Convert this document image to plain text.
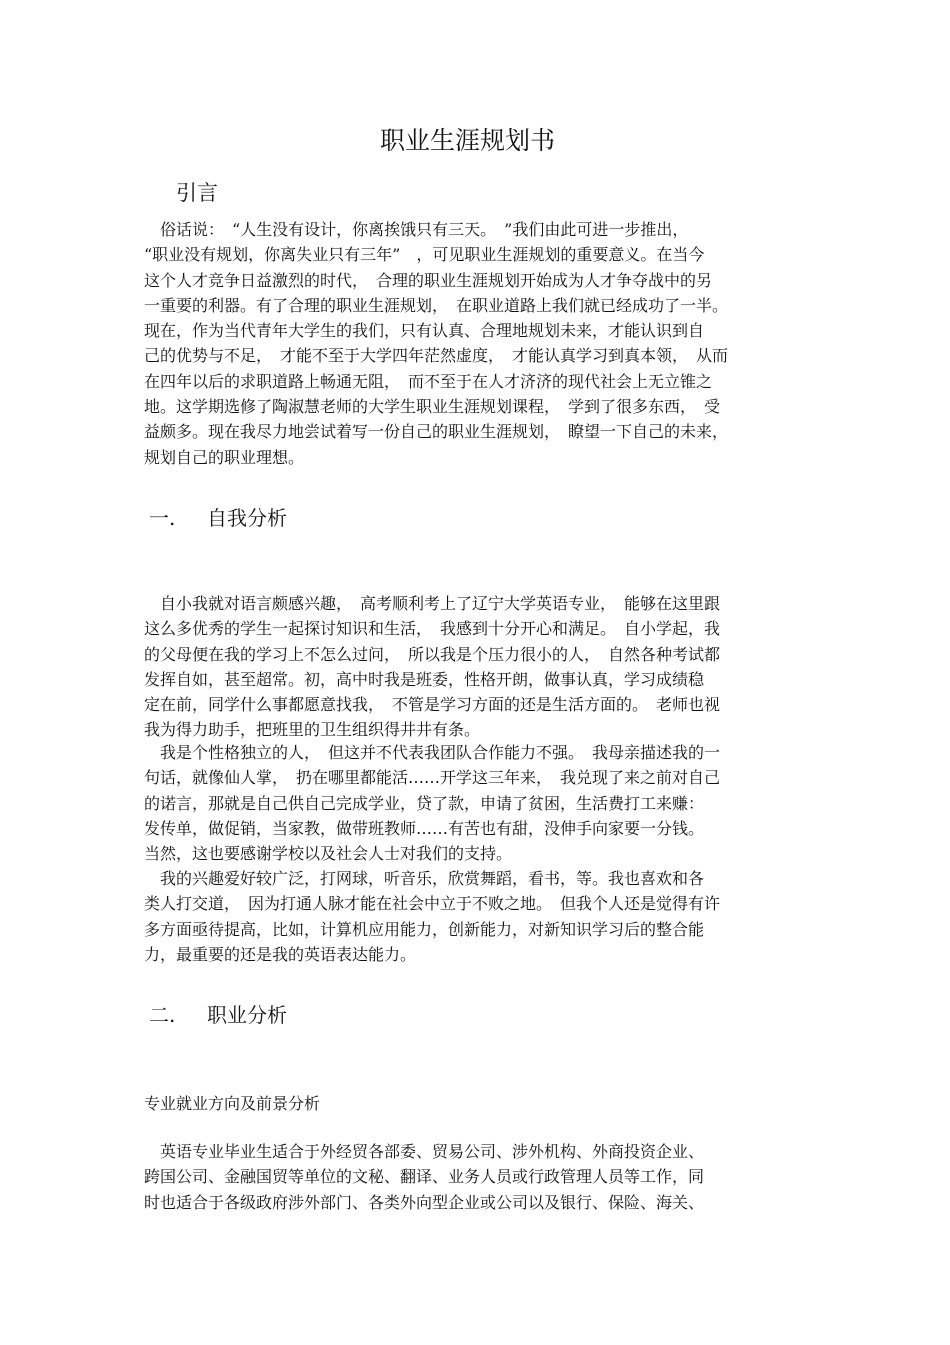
职业生涯规划书
引言

　俗话说：　“人生没有设计，你离挨饿只有三天。　”我们由此可进一步推出，
“职业没有规划，你离失业只有三年”　，可见职业生涯规划的重要意义。在当今
这个人才竞争日益激烈的时代，　合理的职业生涯规划开始成为人才争夺战中的另
一重要的利器。有了合理的职业生涯规划，　在职业道路上我们就已经成功了一半。
现在，作为当代青年大学生的我们，只有认真、合理地规划未来，才能认识到自
己的优势与不足，　才能不至于大学四年茫然虚度，　才能认真学习到真本领，　从而
在四年以后的求职道路上畅通无阻，　而不至于在人才济济的现代社会上无立锥之
地。这学期选修了陶淑慧老师的大学生职业生涯规划课程，　学到了很多东西，　受
益颇多。现在我尽力地尝试着写一份自己的职业生涯规划，　瞭望一下自己的未来，
规划自己的职业理想。

一. 自我分析

　自小我就对语言颇感兴趣，　高考顺利考上了辽宁大学英语专业，　能够在这里跟
这么多优秀的学生一起探讨知识和生活，　我感到十分开心和满足。　自小学起，我
的父母便在我的学习上不怎么过问，　所以我是个压力很小的人，　自然各种考试都
发挥自如，甚至超常。初，高中时我是班委，性格开朗，做事认真，学习成绩稳
定在前，同学什么事都愿意找我，　不管是学习方面的还是生活方面的。　老师也视
我为得力助手，把班里的卫生组织得井井有条。

　我是个性格独立的人，　但这并不代表我团队合作能力不强。　我母亲描述我的一
句话，就像仙人掌，　扔在哪里都能活……开学这三年来，　我兑现了来之前对自己
的诺言，那就是自己供自己完成学业，贷了款，申请了贫困，生活费打工来赚：
发传单，做促销，当家教，做带班教师……有苦也有甜，没伸手向家要一分钱。
当然，这也要感谢学校以及社会人士对我们的支持。

　我的兴趣爱好较广泛，打网球，听音乐，欣赏舞蹈，看书，等。我也喜欢和各
类人打交道，　因为打通人脉才能在社会中立于不败之地。　但我个人还是觉得有许
多方面亟待提高，比如，计算机应用能力，创新能力，对新知识学习后的整合能
力，最重要的还是我的英语表达能力。

二. 职业分析
专业就业方向及前景分析

　英语专业毕业生适合于外经贸各部委、贸易公司、涉外机构、外商投资企业、
跨国公司、金融国贸等单位的文秘、翻译、业务人员或行政管理人员等工作，同
时也适合于各级政府涉外部门、各类外向型企业或公司以及银行、保险、海关、
